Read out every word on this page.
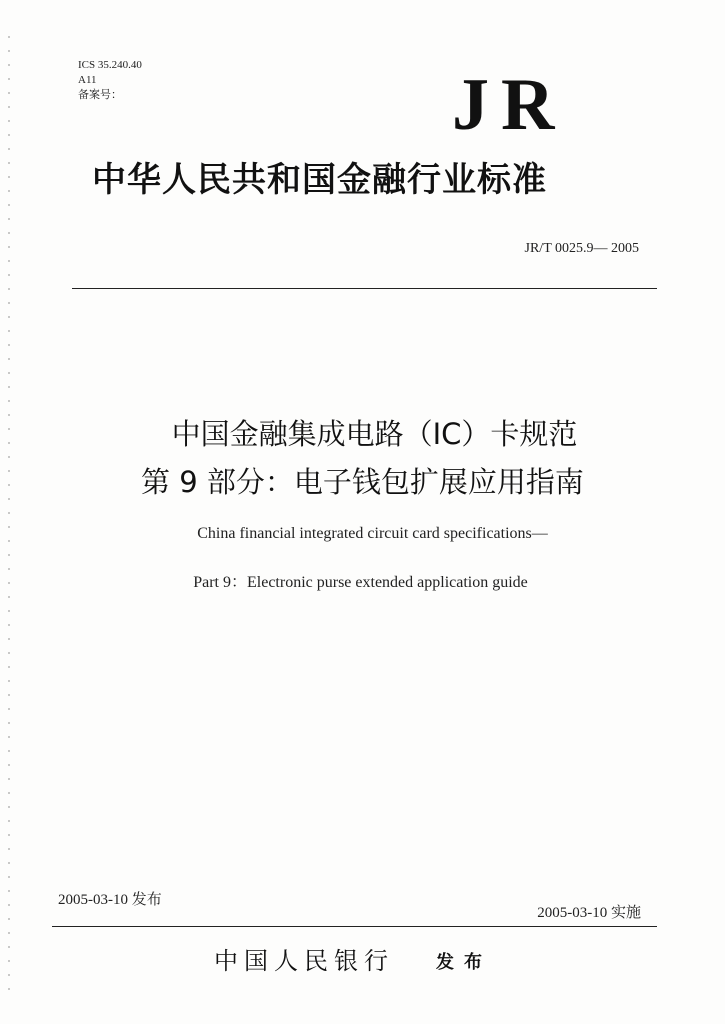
ICS 35.240.40
A11
备案号：	JR
中华人民共和国金融行业标准
JR/T 0025.9— 2005
中国金融集成电路（IC）卡规范
第 9 部分：电子钱包扩展应用指南
China financial integrated circuit card specifications—
Part 9：Electronic purse extended application guide
2005-03-10 发布
2005-03-10 实施
中国人民银行 发布
